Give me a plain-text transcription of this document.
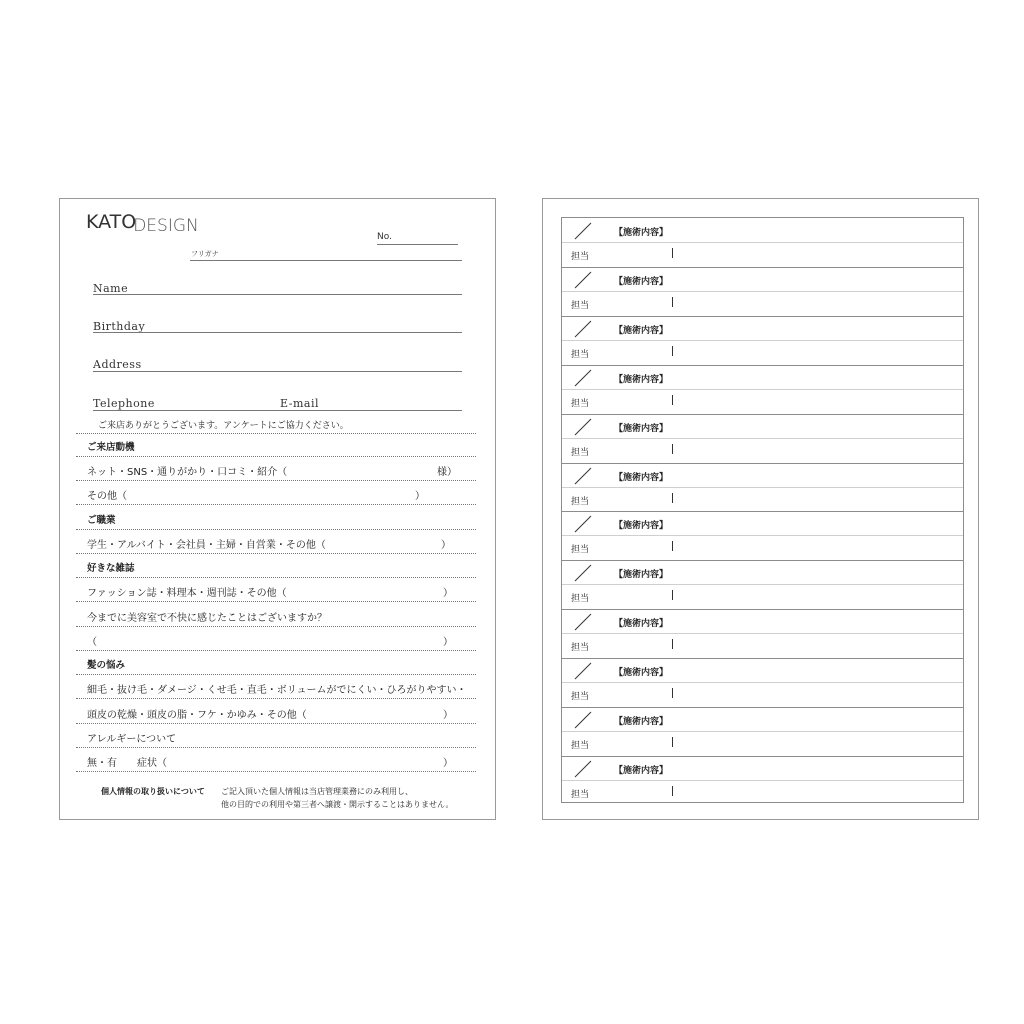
KATODESIGN
No.
フリガナ
Name
Birthday
Address
Telephone	E-mail
ご来店ありがとうございます。アンケートにご協力ください。
ご来店動機
ネット・SNS・通りがかり・口コミ・紹介（	様）
その他（	）
ご職業
学生・アルバイト・会社員・主婦・自営業・その他（	）
好きな雑誌
ファッション誌・料理本・週刊誌・その他（	）
今までに美容室で不快に感じたことはございますか？
（	）
髪の悩み
細毛・抜け毛・ダメージ・くせ毛・直毛・ボリュームがでにくい・ひろがりやすい・
頭皮の乾燥・頭皮の脂・フケ・かゆみ・その他（	）
アレルギーについて
無・有　　症状（	）
個人情報の取り扱いについて ご記入頂いた個人情報は当店管理業務にのみ利用し、
他の目的での利用や第三者へ譲渡・開示することはありません。
【施術内容】
担当
【施術内容】
担当
【施術内容】
担当
【施術内容】
担当
【施術内容】
担当
【施術内容】
担当
【施術内容】
担当
【施術内容】
担当
【施術内容】
担当
【施術内容】
担当
【施術内容】
担当
【施術内容】
担当
